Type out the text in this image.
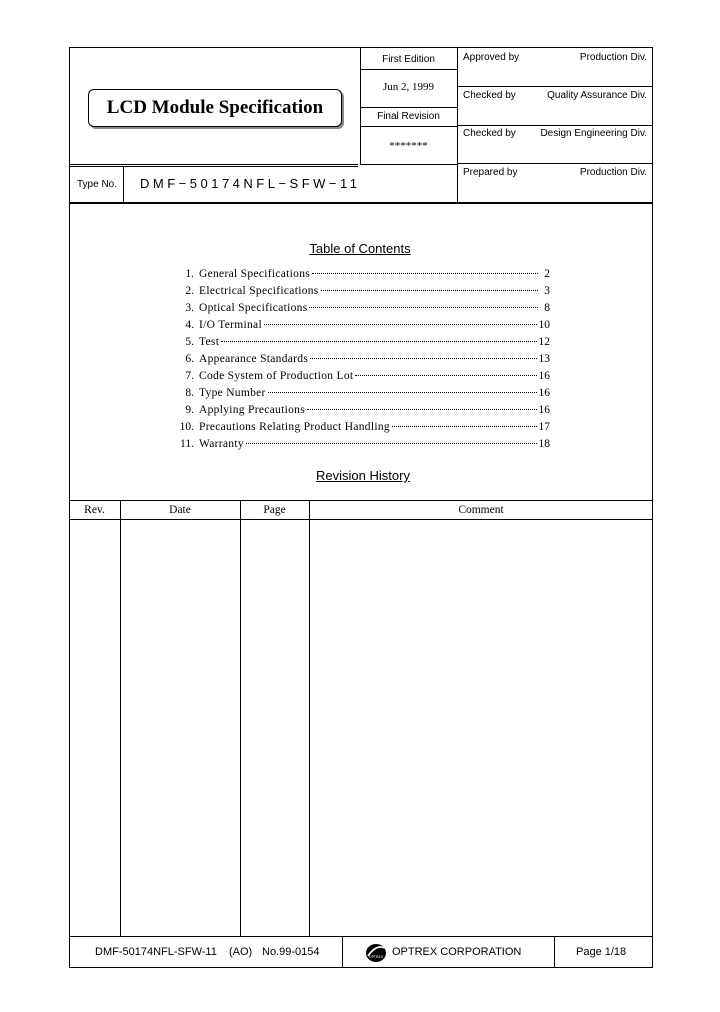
LCD Module Specification
First Edition
Jun 2, 1999
Final Revision
*******
Type No. DMF−50174NFL−SFW−11
Approved by	Production Div.
Checked by	Quality Assurance Div.
Checked by	Design Engineering Div.
Prepared by	Production Div.
Table of Contents
1. General Specifications	2
2. Electrical Specifications	3
3. Optical Specifications	8
4. I/O Terminal	10
5. Test	12
6. Appearance Standards	13
7. Code System of Production Lot	16
8. Type Number	16
9. Applying Precautions	16
10. Precautions Relating Product Handling	17
11. Warranty	18
Revision History
Rev.	Date	Page	Comment
DMF-50174NFL-SFW-11 (AO) No.99-0154	OPTREX OPTREX CORPORATION	Page 1/18
